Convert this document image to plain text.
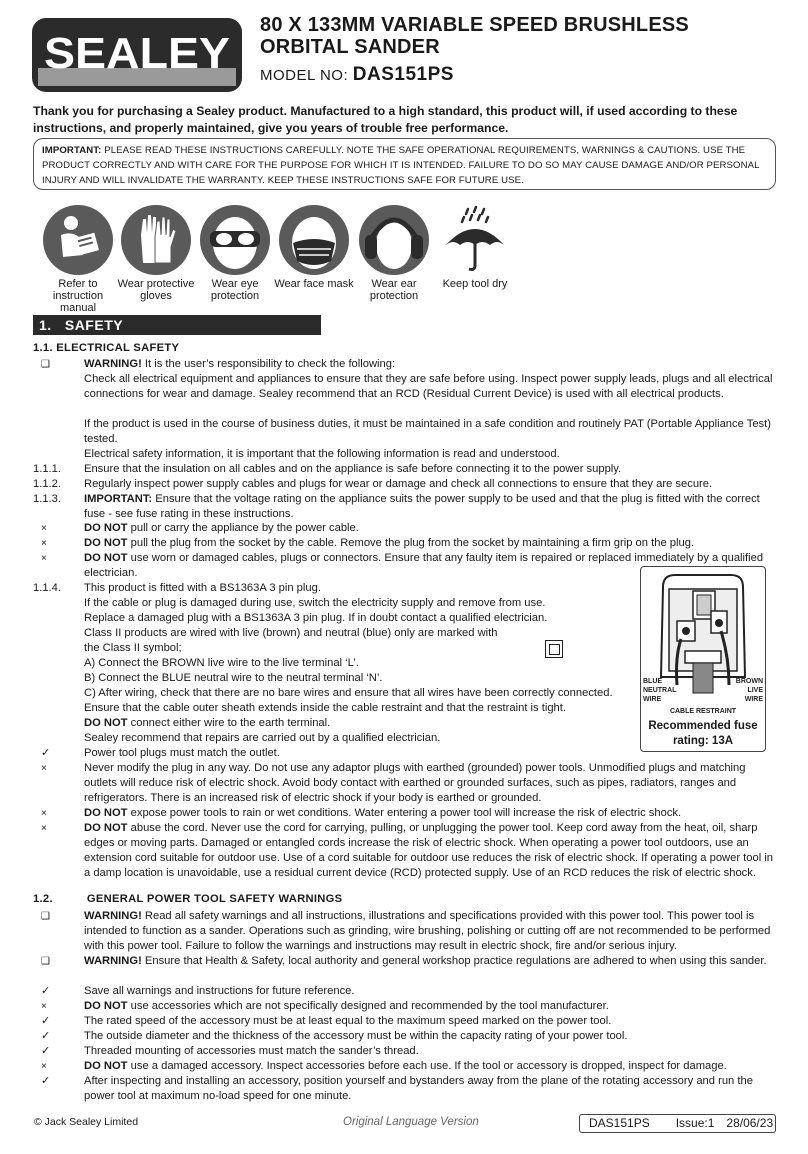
SEALEY
80 X 133MM VARIABLE SPEED BRUSHLESS ORBITAL SANDER
MODEL NO: DAS151PS
Thank you for purchasing a Sealey product. Manufactured to a high standard, this product will, if used according to these instructions, and properly maintained, give you years of trouble free performance.
IMPORTANT: PLEASE READ THESE INSTRUCTIONS CAREFULLY. NOTE THE SAFE OPERATIONAL REQUIREMENTS, WARNINGS & CAUTIONS. USE THE PRODUCT CORRECTLY AND WITH CARE FOR THE PURPOSE FOR WHICH IT IS INTENDED. FAILURE TO DO SO MAY CAUSE DAMAGE AND/OR PERSONAL INJURY AND WILL INVALIDATE THE WARRANTY. KEEP THESE INSTRUCTIONS SAFE FOR FUTURE USE.
Refer to instruction manual
Wear protective gloves
Wear eye protection
Wear face mask	Wear ear protection
Keep tool dry
1. SAFETY
1.1. ELECTRICAL SAFETY
❑	WARNING! It is the user’s responsibility to check the following:
Check all electrical equipment and appliances to ensure that they are safe before using. Inspect power supply leads, plugs and all electrical connections for wear and damage. Sealey recommend that an RCD (Residual Current Device) is used with all electrical products.
If the product is used in the course of business duties, it must be maintained in a safe condition and routinely PAT (Portable Appliance Test) tested.
Electrical safety information, it is important that the following information is read and understood.
1.1.1.	Ensure that the insulation on all cables and on the appliance is safe before connecting it to the power supply.
1.1.2.	Regularly inspect power supply cables and plugs for wear or damage and check all connections to ensure that they are secure.
1.1.3.	IMPORTANT: Ensure that the voltage rating on the appliance suits the power supply to be used and that the plug is fitted with the correct fuse - see fuse rating in these instructions.
×	DO NOT pull or carry the appliance by the power cable.
×	DO NOT pull the plug from the socket by the cable. Remove the plug from the socket by maintaining a firm grip on the plug.
×	DO NOT use worn or damaged cables, plugs or connectors. Ensure that any faulty item is repaired or replaced immediately by a qualified electrician.
1.1.4.	This product is fitted with a BS1363A 3 pin plug.
If the cable or plug is damaged during use, switch the electricity supply and remove from use.
Replace a damaged plug with a BS1363A 3 pin plug. If in doubt contact a qualified electrician.
Class II products are wired with live (brown) and neutral (blue) only are marked with the Class II symbol;
A) Connect the BROWN live wire to the live terminal ‘L’.
B) Connect the BLUE neutral wire to the neutral terminal ‘N’.
C) After wiring, check that there are no bare wires and ensure that all wires have been correctly connected.
Ensure that the cable outer sheath extends inside the cable restraint and that the restraint is tight.
DO NOT connect either wire to the earth terminal.
Sealey recommend that repairs are carried out by a qualified electrician.
✓	Power tool plugs must match the outlet.
×	Never modify the plug in any way. Do not use any adaptor plugs with earthed (grounded) power tools. Unmodified plugs and matching outlets will reduce risk of electric shock. Avoid body contact with earthed or grounded surfaces, such as pipes, radiators, ranges and refrigerators. There is an increased risk of electric shock if your body is earthed or grounded.
×	DO NOT expose power tools to rain or wet conditions. Water entering a power tool will increase the risk of electric shock.
×	DO NOT abuse the cord. Never use the cord for carrying, pulling, or unplugging the power tool. Keep cord away from the heat, oil, sharp edges or moving parts. Damaged or entangled cords increase the risk of electric shock. When operating a power tool outdoors, use an extension cord suitable for outdoor use. Use of a cord suitable for outdoor use reduces the risk of electric shock. If operating a power tool in a damp location is unavoidable, use a residual current device (RCD) protected supply. Use of an RCD reduces the risk of electric shock.
❑	WARNING! Read all safety warnings and all instructions, illustrations and specifications provided with this power tool. This power tool is intended to function as a sander. Operations such as grinding, wire brushing, polishing or cutting off are not recommended to be performed with this power tool. Failure to follow the warnings and instructions may result in electric shock, fire and/or serious injury.
❑	WARNING! Ensure that Health & Safety, local authority and general workshop practice regulations are adhered to when using this sander.
✓	Save all warnings and instructions for future reference.
×	DO NOT use accessories which are not specifically designed and recommended by the tool manufacturer.
✓	The rated speed of the accessory must be at least equal to the maximum speed marked on the power tool.
✓	The outside diameter and the thickness of the accessory must be within the capacity rating of your power tool.
✓	Threaded mounting of accessories must match the sander’s thread.
×	DO NOT use a damaged accessory. Inspect accessories before each use. If the tool or accessory is dropped, inspect for damage.
✓	After inspecting and installing an accessory, position yourself and bystanders away from the plane of the rotating accessory and run the power tool at maximum no-load speed for one minute.
1.2.	GENERAL POWER TOOL SAFETY WARNINGS
BLUE
NEUTRAL
WIRE
BROWN
LIVE
WIRE
CABLE RESTRAINT
Recommended fuse rating: 13A
© Jack Sealey Limited	Original Language Version	DAS151PS Issue:1 28/06/23
